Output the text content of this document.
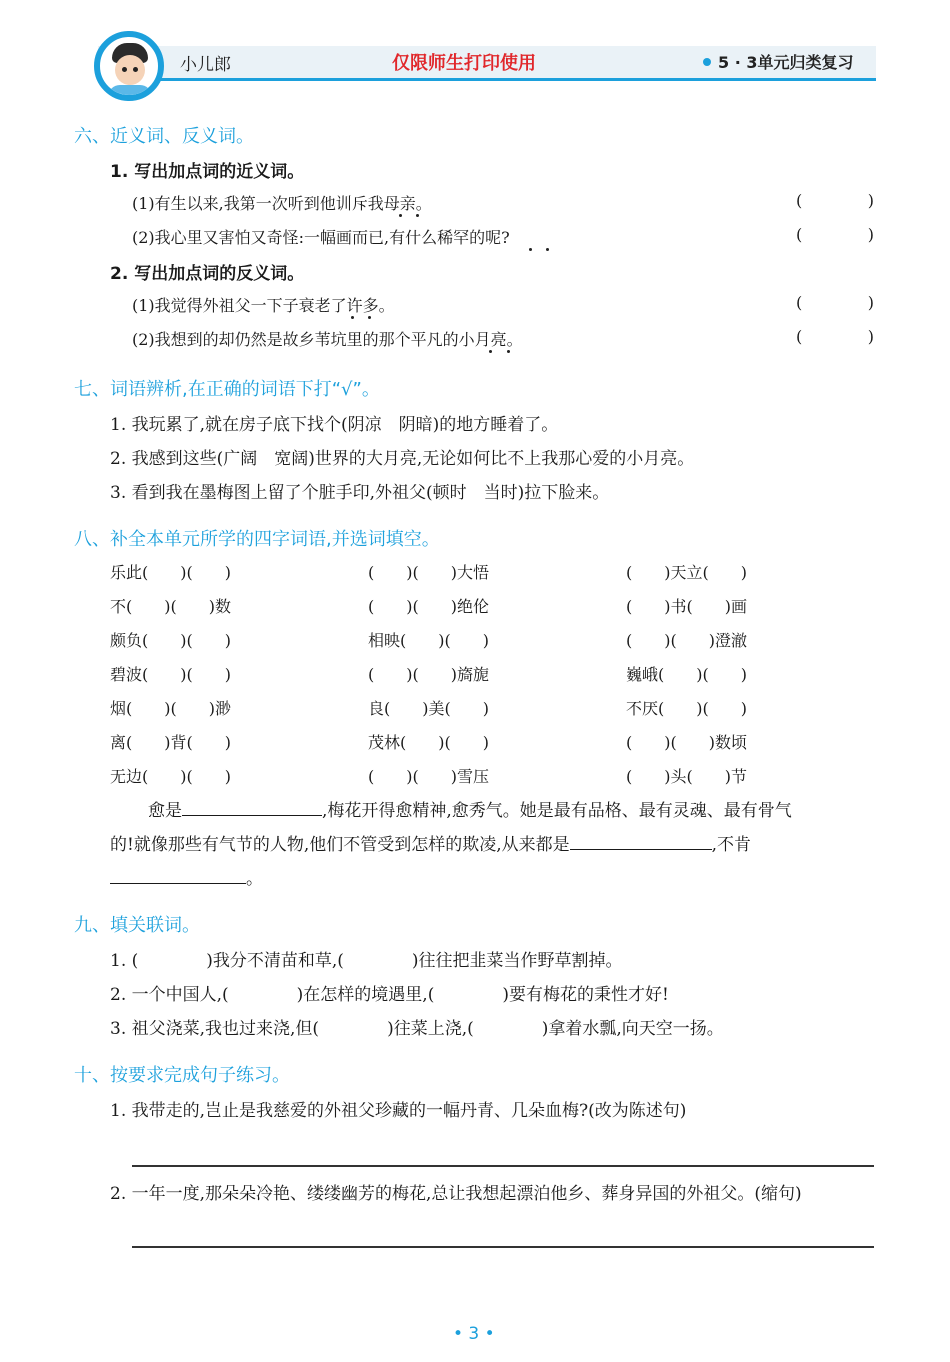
小儿郎	仅限师生打印使用	5 · 3单元归类复习
六、近义词、反义词。
1. 写出加点词的近义词。
(1)有生以来,我第一次听到他训斥我母亲。	(	)
(2)我心里又害怕又奇怪:一幅画而已,有什么稀罕的呢?	(	)
2. 写出加点词的反义词。
(1)我觉得外祖父一下子衰老了许多。	(	)
(2)我想到的却仍然是故乡苇坑里的那个平凡的小月亮。	(	)
七、词语辨析,在正确的词语下打“√”。
1. 我玩累了,就在房子底下找个(阴凉　阴暗)的地方睡着了。
2. 我感到这些(广阔　宽阔)世界的大月亮,无论如何比不上我那心爱的小月亮。
3. 看到我在墨梅图上留了个脏手印,外祖父(顿时　当时)拉下脸来。
八、补全本单元所学的四字词语,并选词填空。
乐此(　　)(　　)	(　　)(　　)大悟	(　　)天立(　　)
不(　　)(　　)数	(　　)(　　)绝伦	(　　)书(　　)画
颇负(　　)(　　)	相映(　　)(　　)	(　　)(　　)澄澈
碧波(　　)(　　)	(　　)(　　)旖旎	巍峨(　　)(　　)
烟(　　)(　　)渺	良(　　)美(　　)	不厌(　　)(　　)
离(　　)背(　　)	茂林(　　)(　　)	(　　)(　　)数顷
无边(　　)(　　)	(　　)(　　)雪压	(　　)头(　　)节
愈是	,梅花开得愈精神,愈秀气。她是最有品格、最有灵魂、最有骨气
的!就像那些有气节的人物,他们不管受到怎样的欺凌,从来都是	,不肯
。
九、填关联词。
1. (　　　　)我分不清苗和草,(　　　　)往往把韭菜当作野草割掉。
2. 一个中国人,(　　　　)在怎样的境遇里,(　　　　)要有梅花的秉性才好!
3. 祖父浇菜,我也过来浇,但(　　　　)往菜上浇,(　　　　)拿着水瓢,向天空一扬。
十、按要求完成句子练习。
1. 我带走的,岂止是我慈爱的外祖父珍藏的一幅丹青、几朵血梅?(改为陈述句)
2. 一年一度,那朵朵冷艳、缕缕幽芳的梅花,总让我想起漂泊他乡、葬身异国的外祖父。(缩句)
• 3 •
